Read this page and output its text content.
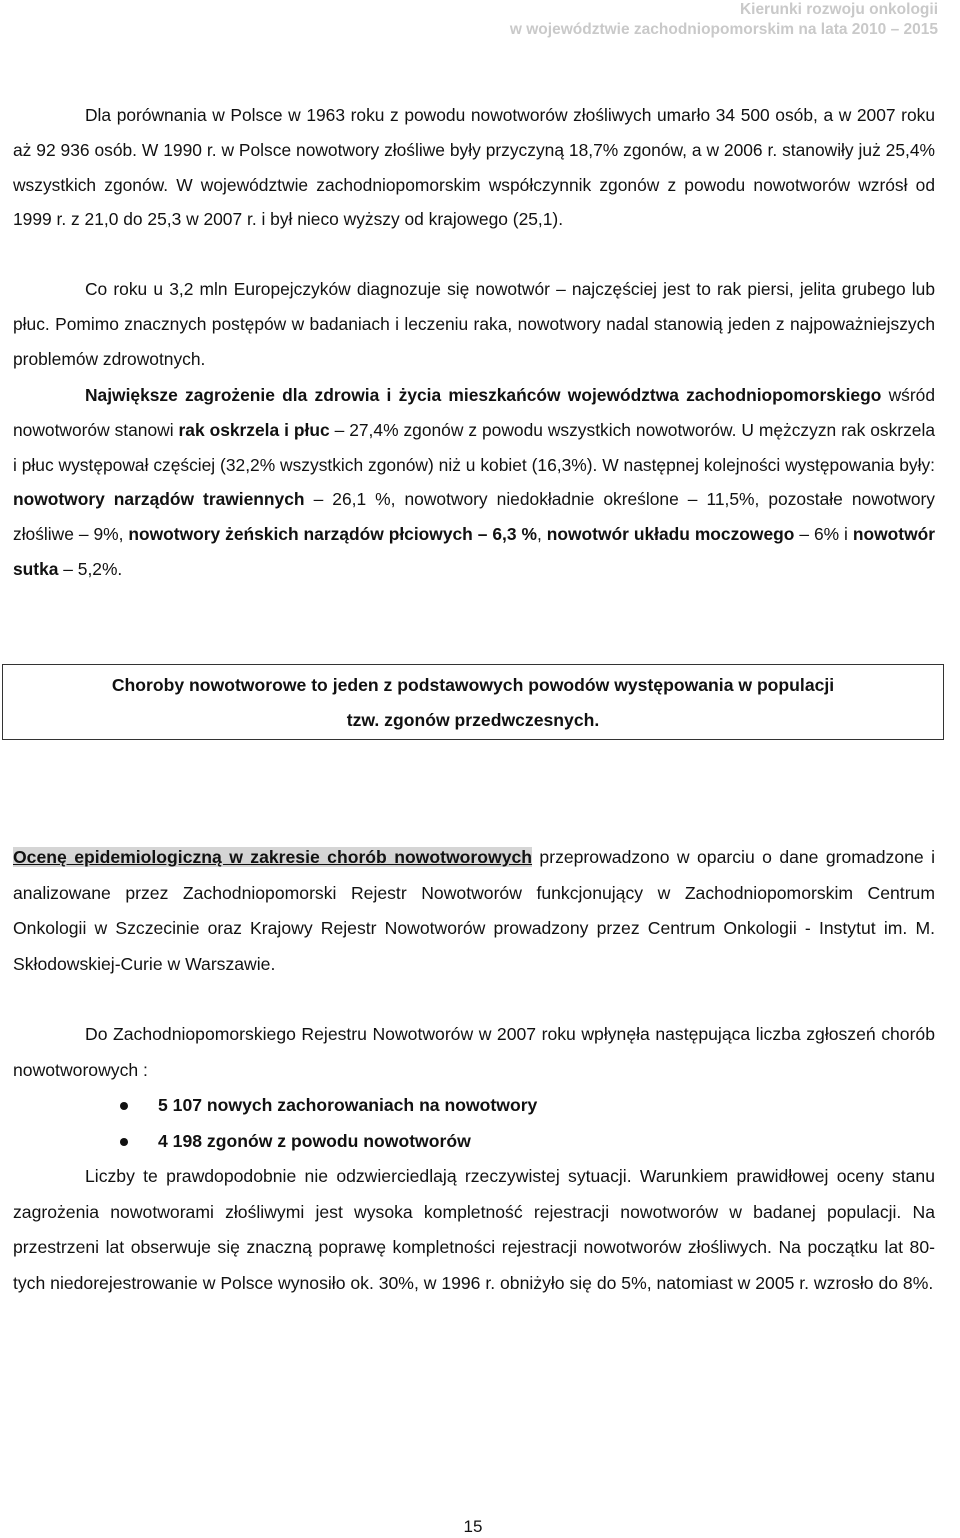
Kierunki rozwoju onkologii
w województwie zachodniopomorskim na lata 2010 – 2015
Dla porównania w Polsce w 1963 roku z powodu nowotworów złośliwych umarło 34 500 osób, a w 2007 roku aż 92 936 osób. W 1990 r. w Polsce nowotwory złośliwe były przyczyną 18,7% zgonów, a w 2006 r. stanowiły już 25,4% wszystkich zgonów. W województwie zachodniopomorskim współczynnik zgonów z powodu nowotworów wzrósł od 1999 r. z 21,0 do 25,3 w 2007 r. i był nieco wyższy od krajowego (25,1).
Co roku u 3,2 mln Europejczyków diagnozuje się nowotwór – najczęściej jest to rak piersi, jelita grubego lub płuc. Pomimo znacznych postępów w badaniach i leczeniu raka, nowotwory nadal stanowią jeden z najpoważniejszych problemów zdrowotnych.
Największe zagrożenie dla zdrowia i życia mieszkańców województwa zachodniopomorskiego wśród nowotworów stanowi rak oskrzela i płuc – 27,4% zgonów z powodu wszystkich nowotworów. U mężczyzn rak oskrzela i płuc występował częściej (32,2% wszystkich zgonów) niż u kobiet (16,3%). W następnej kolejności występowania były: nowotwory narządów trawiennych – 26,1 %, nowotwory niedokładnie określone – 11,5%, pozostałe nowotwory złośliwe – 9%, nowotwory żeńskich narządów płciowych – 6,3 %, nowotwór układu moczowego – 6% i nowotwór sutka – 5,2%.
Choroby nowotworowe to jeden z podstawowych powodów występowania w populacji
tzw. zgonów przedwczesnych.
Ocenę epidemiologiczną w zakresie chorób nowotworowych przeprowadzono w oparciu o dane gromadzone i analizowane przez Zachodniopomorski Rejestr Nowotworów funkcjonujący w Zachodniopomorskim Centrum Onkologii w Szczecinie oraz Krajowy Rejestr Nowotworów prowadzony przez Centrum Onkologii - Instytut im. M. Skłodowskiej-Curie w Warszawie.
Do Zachodniopomorskiego Rejestru Nowotworów w 2007 roku wpłynęła następująca liczba zgłoszeń chorób nowotworowych :
5 107 nowych zachorowaniach na nowotwory
4 198 zgonów z powodu nowotworów
Liczby te prawdopodobnie nie odzwierciedlają rzeczywistej sytuacji. Warunkiem prawidłowej oceny stanu zagrożenia nowotworami złośliwymi jest wysoka kompletność rejestracji nowotworów w badanej populacji. Na przestrzeni lat obserwuje się znaczną poprawę kompletności rejestracji nowotworów złośliwych. Na początku lat 80-tych niedorejestrowanie w Polsce wynosiło ok. 30%, w 1996 r. obniżyło się do 5%, natomiast w 2005 r. wzrosło do 8%.
15
